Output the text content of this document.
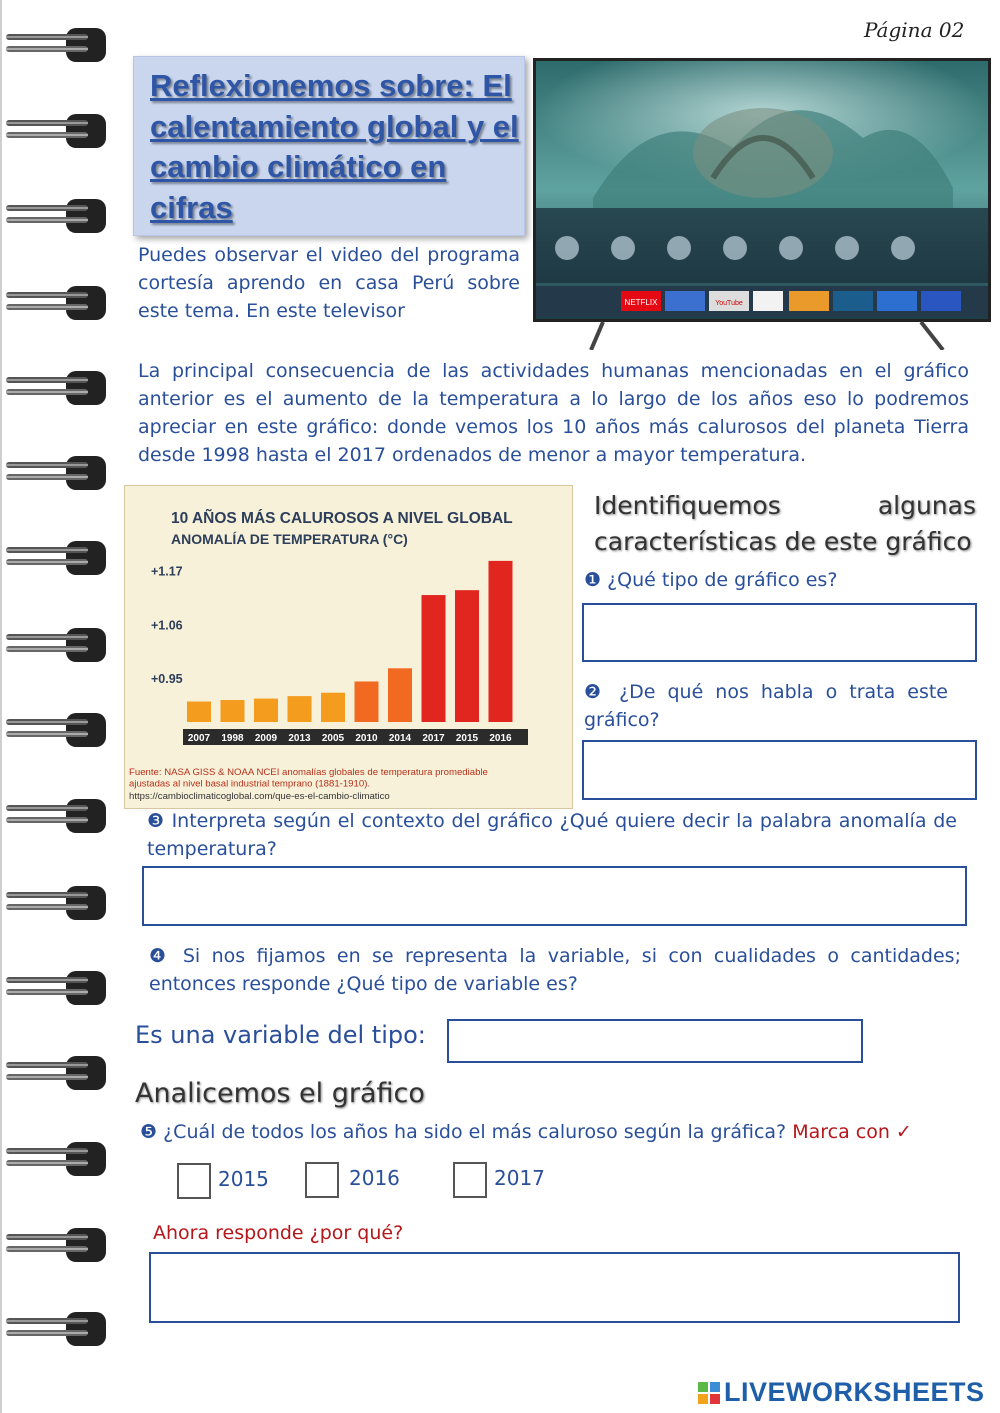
Página 02
Reflexionemos sobre: El calentamiento global y el cambio climático en cifras
NETFLIX	YouTube
Puedes observar el video del programa cortesía aprendo en casa Perú sobre este tema. En este televisor
La principal consecuencia de las actividades humanas mencionadas en el gráfico anterior es el aumento de la temperatura a lo largo de los años eso lo podremos apreciar en este gráfico: donde vemos los 10 años más calurosos del planeta Tierra desde 1998 hasta el 2017 ordenados de menor a mayor temperatura.
10 AÑOS MÁS CALUROSOS A NIVEL GLOBAL
ANOMALÍA DE TEMPERATURA (°C)
+1.17
+1.06
+0.95
2007 1998 2009 2013 2005 2010 2014 2017 2015 2016
Fuente: NASA GISS & NOAA NCEI anomalías globales de temperatura promediable ajustadas al nivel basal industrial temprano (1881-1910).
https://cambioclimaticoglobal.com/que-es-el-cambio-climatico
Identifiquemos	algunas
características de este gráfico
❶ ¿Qué tipo de gráfico es?
❷ ¿De qué nos habla o trata este gráfico?
❸ Interpreta según el contexto del gráfico ¿Qué quiere decir la palabra anomalía de temperatura?
❹ Si nos fijamos en se representa la variable, si con cualidades o cantidades; entonces responde ¿Qué tipo de variable es?
Es una variable del tipo:
Analicemos el gráfico
❺ ¿Cuál de todos los años ha sido el más caluroso según la gráfica? Marca con ✓
2015	2016	2017
Ahora responde ¿por qué?
LIVEWORKSHEETS
